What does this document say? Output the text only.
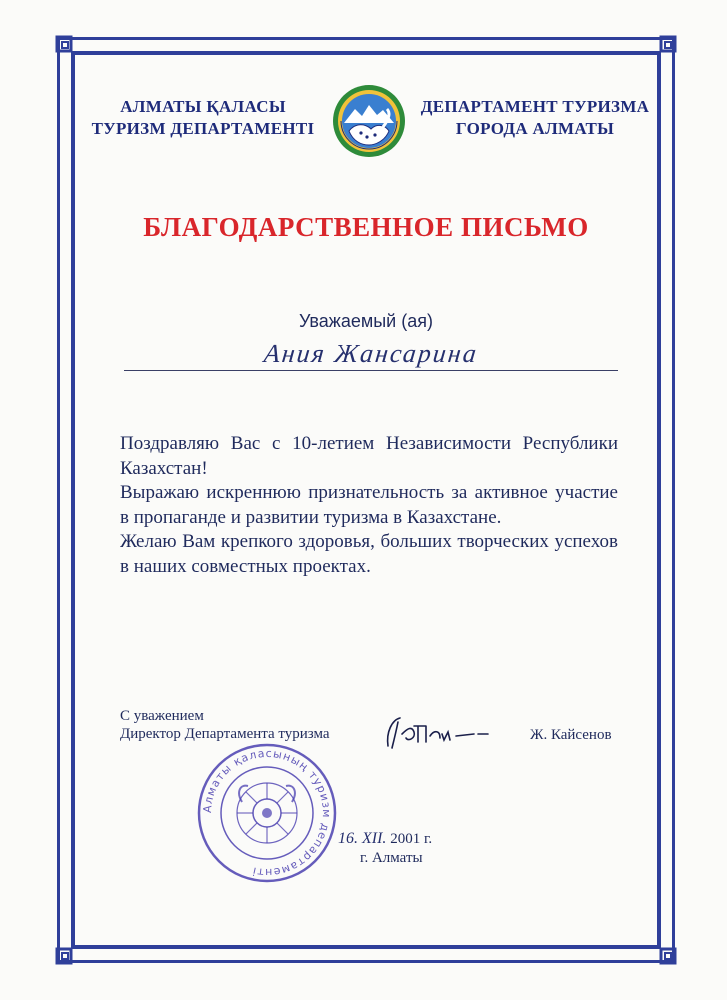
АЛМАТЫ ҚАЛАСЫ
ТУРИЗМ ДЕПАРТАМЕНТІ
ДЕПАРТАМЕНТ ТУРИЗМА
ГОРОДА АЛМАТЫ
БЛАГОДАРСТВЕННОЕ ПИСЬМО
Уважаемый (ая)
Ания Жансарина

Поздравляю Вас с 10-летием Независимости Республики Казахстан!

Выражаю искреннюю признательность за активное участие в пропаганде и развитии туризма в Казахстане.

Желаю Вам крепкого здоровья, больших творческих успехов в наших совместных проектах.

С уважением
Директор Департамента туризма	Ж. Кайсенов
Алматы қаласының туризм департаменті
16. XII. 2001 г.
г. Алматы
